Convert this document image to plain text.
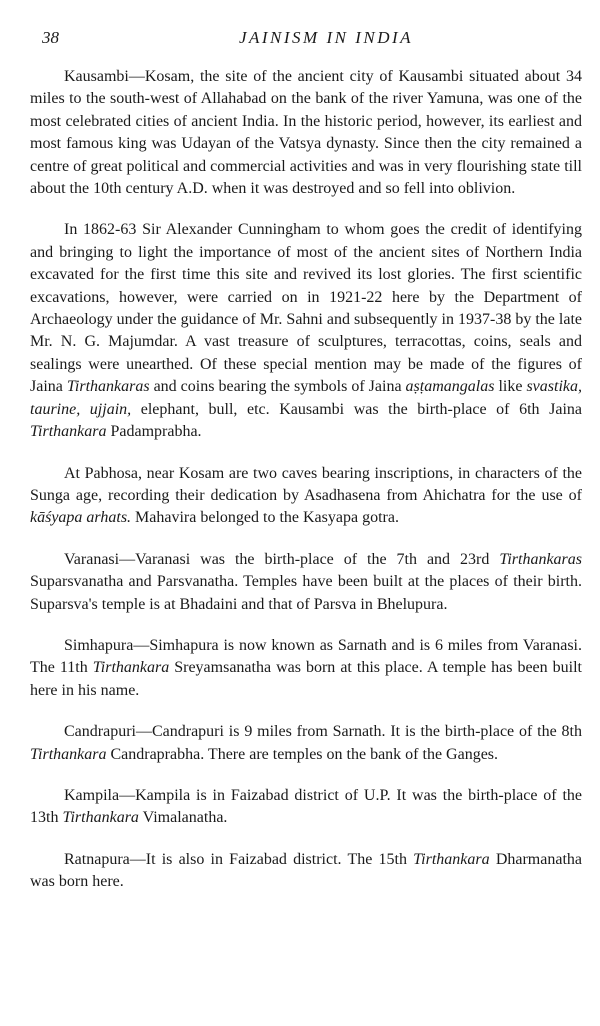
38	JAINISM IN INDIA

Kausambi—Kosam, the site of the ancient city of Kausambi situated about 34 miles to the south-west of Allahabad on the bank of the river Yamuna, was one of the most celebrated cities of ancient India. In the historic period, however, its earliest and most famous king was Udayan of the Vatsya dynasty. Since then the city remained a centre of great political and commercial activities and was in very flourishing state till about the 10th century A.D. when it was destroyed and so fell into oblivion.

In 1862-63 Sir Alexander Cunningham to whom goes the credit of identifying and bringing to light the importance of most of the ancient sites of Northern India excavated for the first time this site and revived its lost glories. The first scientific excavations, however, were carried on in 1921-22 here by the Department of Archaeology under the guidance of Mr. Sahni and subsequently in 1937-38 by the late Mr. N. G. Majumdar. A vast treasure of sculptures, terracottas, coins, seals and sealings were unearthed. Of these special mention may be made of the figures of Jaina Tirthankaras and coins bearing the symbols of Jaina aṣṭamangalas like svastika, taurine, ujjain, elephant, bull, etc. Kausambi was the birth-place of 6th Jaina Tirthankara Padamprabha.

At Pabhosa, near Kosam are two caves bearing inscriptions, in characters of the Sunga age, recording their dedication by Asadhasena from Ahichatra for the use of kāśyapa arhats. Mahavira belonged to the Kasyapa gotra.

Varanasi—Varanasi was the birth-place of the 7th and 23rd Tirthankaras Suparsvanatha and Parsvanatha. Temples have been built at the places of their birth. Suparsva's temple is at Bhadaini and that of Parsva in Bhelupura.

Simhapura—Simhapura is now known as Sarnath and is 6 miles from Varanasi. The 11th Tirthankara Sreyamsanatha was born at this place. A temple has been built here in his name.

Candrapuri—Candrapuri is 9 miles from Sarnath. It is the birth-place of the 8th Tirthankara Candraprabha. There are temples on the bank of the Ganges.

Kampila—Kampila is in Faizabad district of U.P. It was the birth-place of the 13th Tirthankara Vimalanatha.

Ratnapura—It is also in Faizabad district. The 15th Tirthankara Dharmanatha was born here.
